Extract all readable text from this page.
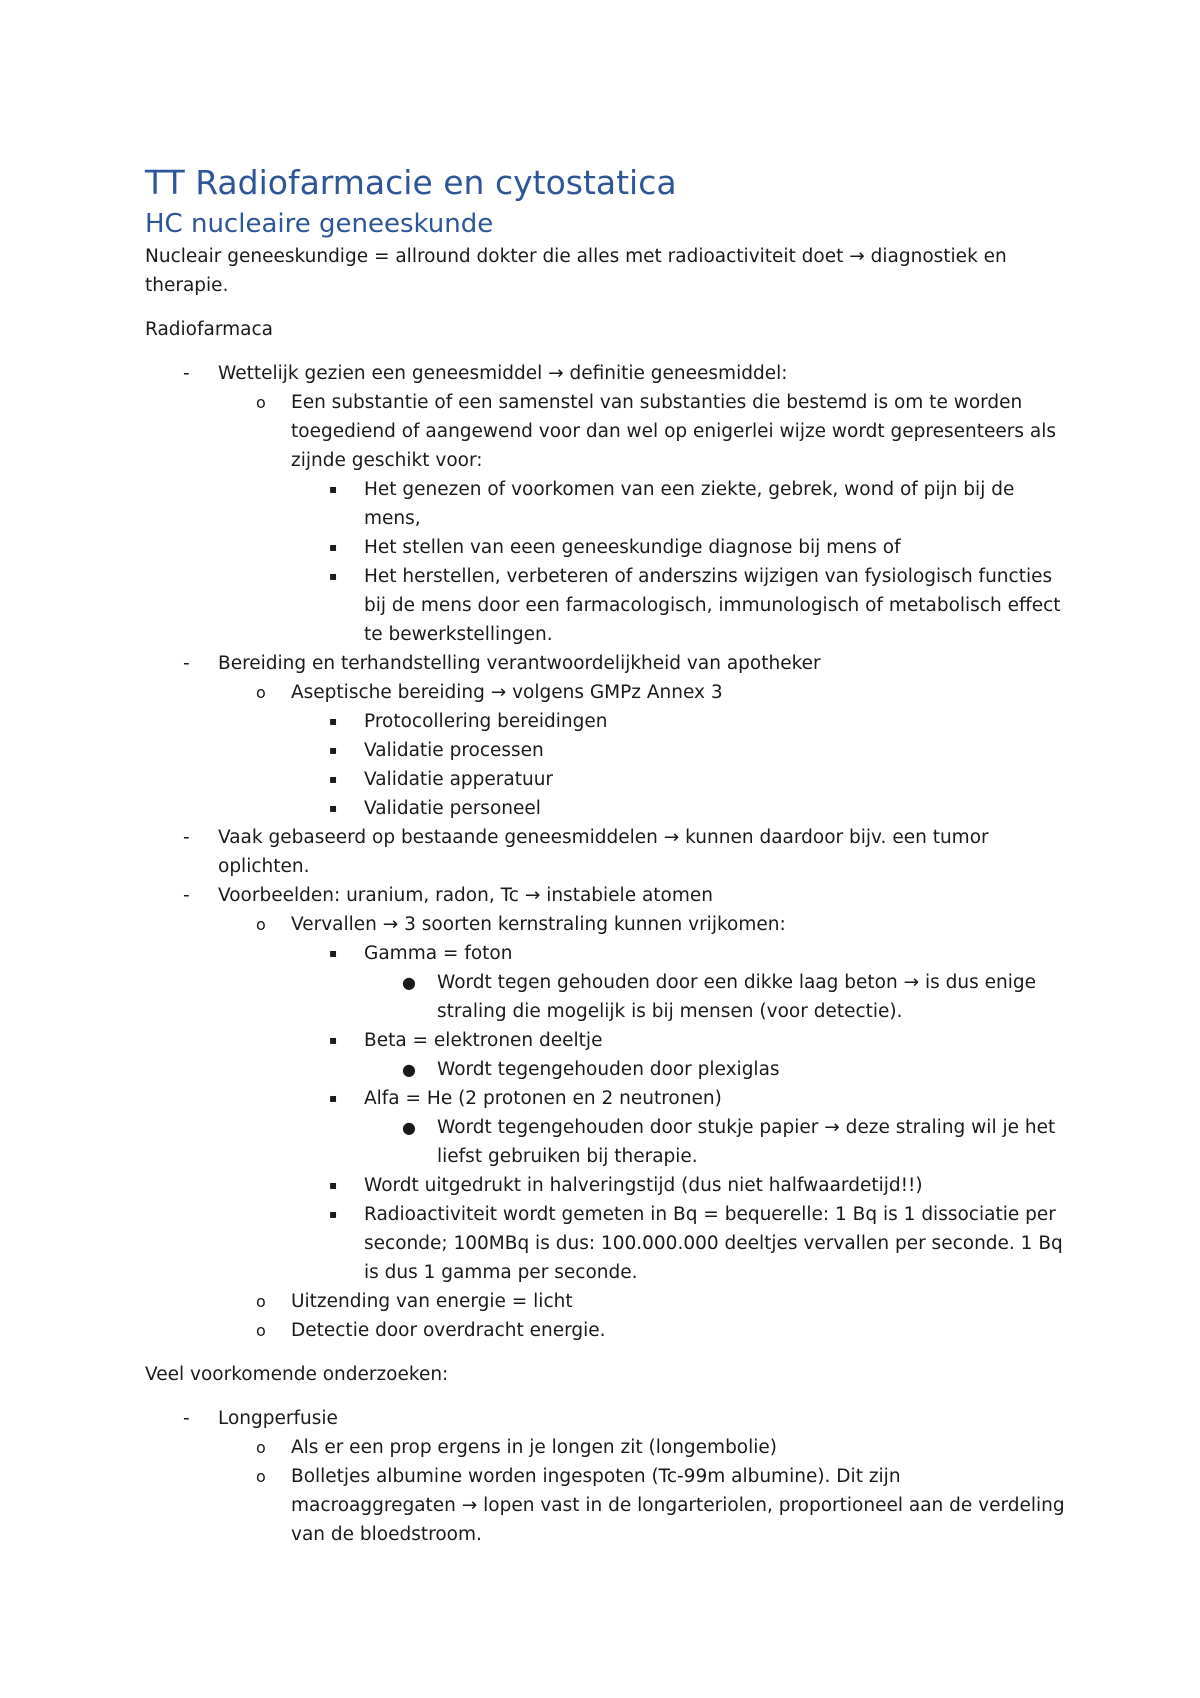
TT Radiofarmacie en cytostatica
HC nucleaire geneeskunde

Nucleair geneeskundige = allround dokter die alles met radioactiviteit doet → diagnostiek en therapie.

Radiofarmaca

- Wettelijk gezien een geneesmiddel → definitie geneesmiddel:
o Een substantie of een samenstel van substanties die bestemd is om te worden toegediend of aangewend voor dan wel op enigerlei wijze wordt gepresenteers als zijnde geschikt voor:
▪ Het genezen of voorkomen van een ziekte, gebrek, wond of pijn bij de mens,
▪ Het stellen van eeen geneeskundige diagnose bij mens of
▪ Het herstellen, verbeteren of anderszins wijzigen van fysiologisch functies bij de mens door een farmacologisch, immunologisch of metabolisch effect te bewerkstellingen.
- Bereiding en terhandstelling verantwoordelijkheid van apotheker
o Aseptische bereiding → volgens GMPz Annex 3
▪ Protocollering bereidingen
▪ Validatie processen
▪ Validatie apperatuur
▪ Validatie personeel
- Vaak gebaseerd op bestaande geneesmiddelen → kunnen daardoor bijv. een tumor oplichten.
- Voorbeelden: uranium, radon, Tc → instabiele atomen
o Vervallen → 3 soorten kernstraling kunnen vrijkomen:
▪ Gamma = foton
● Wordt tegen gehouden door een dikke laag beton → is dus enige straling die mogelijk is bij mensen (voor detectie).
▪ Beta = elektronen deeltje
● Wordt tegengehouden door plexiglas
▪ Alfa = He (2 protonen en 2 neutronen)
● Wordt tegengehouden door stukje papier → deze straling wil je het liefst gebruiken bij therapie.
▪ Wordt uitgedrukt in halveringstijd (dus niet halfwaardetijd!!)
▪ Radioactiviteit wordt gemeten in Bq = bequerelle: 1 Bq is 1 dissociatie per seconde; 100MBq is dus: 100.000.000 deeltjes vervallen per seconde. 1 Bq is dus 1 gamma per seconde.
o Uitzending van energie = licht
o Detectie door overdracht energie.

Veel voorkomende onderzoeken:

- Longperfusie
o Als er een prop ergens in je longen zit (longembolie)
o Bolletjes albumine worden ingespoten (Tc-99m albumine). Dit zijn macroaggregaten → lopen vast in de longarteriolen, proportioneel aan de verdeling van de bloedstroom.
